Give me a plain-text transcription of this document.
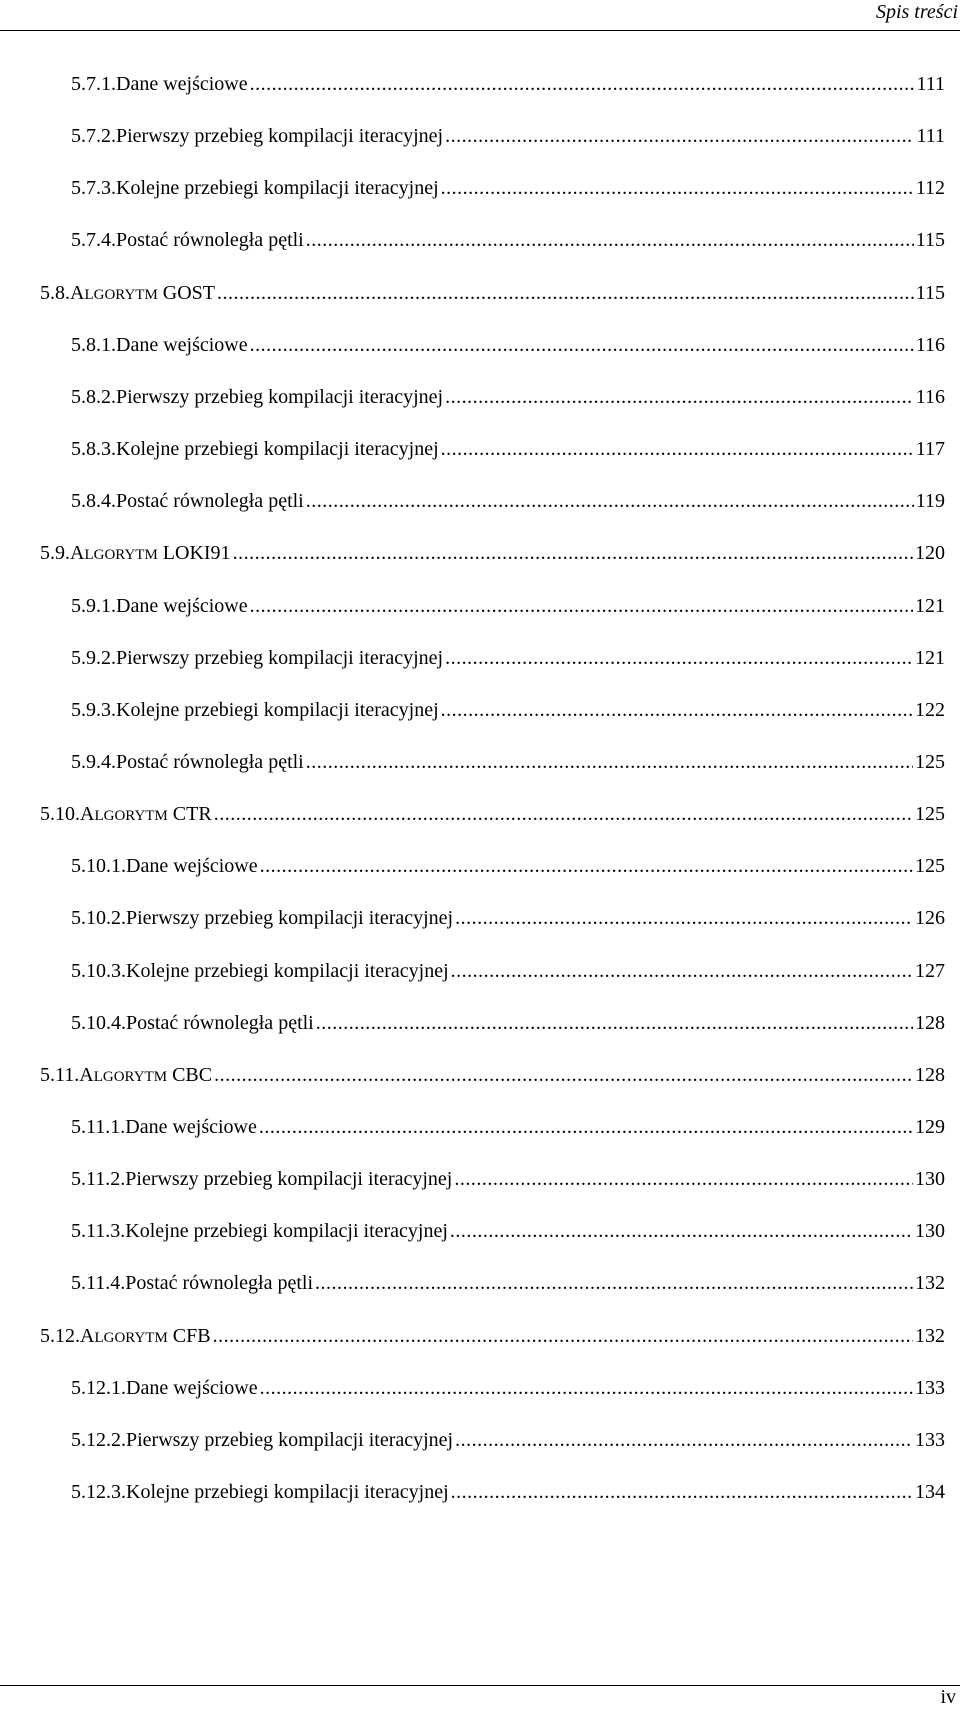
Spis treści
5.7.1. Dane wejściowe .....	111
5.7.2. Pierwszy przebieg kompilacji iteracyjnej .....	111
5.7.3. Kolejne przebiegi kompilacji iteracyjnej .....	112
5.7.4. Postać równoległa pętli .....	115
5.8. ALGORYTM GOST .....	115
5.8.1. Dane wejściowe .....	116
5.8.2. Pierwszy przebieg kompilacji iteracyjnej .....	116
5.8.3. Kolejne przebiegi kompilacji iteracyjnej .....	117
5.8.4. Postać równoległa pętli .....	119
5.9. ALGORYTM LOKI91 .....	120
5.9.1. Dane wejściowe .....	121
5.9.2. Pierwszy przebieg kompilacji iteracyjnej .....	121
5.9.3. Kolejne przebiegi kompilacji iteracyjnej .....	122
5.9.4. Postać równoległa pętli .....	125
5.10. ALGORYTM CTR .....	125
5.10.1. Dane wejściowe .....	125
5.10.2. Pierwszy przebieg kompilacji iteracyjnej .....	126
5.10.3. Kolejne przebiegi kompilacji iteracyjnej .....	127
5.10.4. Postać równoległa pętli .....	128
5.11. ALGORYTM CBC .....	128
5.11.1. Dane wejściowe .....	129
5.11.2. Pierwszy przebieg kompilacji iteracyjnej .....	130
5.11.3. Kolejne przebiegi kompilacji iteracyjnej .....	130
5.11.4. Postać równoległa pętli .....	132
5.12. ALGORYTM CFB .....	132
5.12.1. Dane wejściowe .....	133
5.12.2. Pierwszy przebieg kompilacji iteracyjnej .....	133
5.12.3. Kolejne przebiegi kompilacji iteracyjnej .....	134
iv
